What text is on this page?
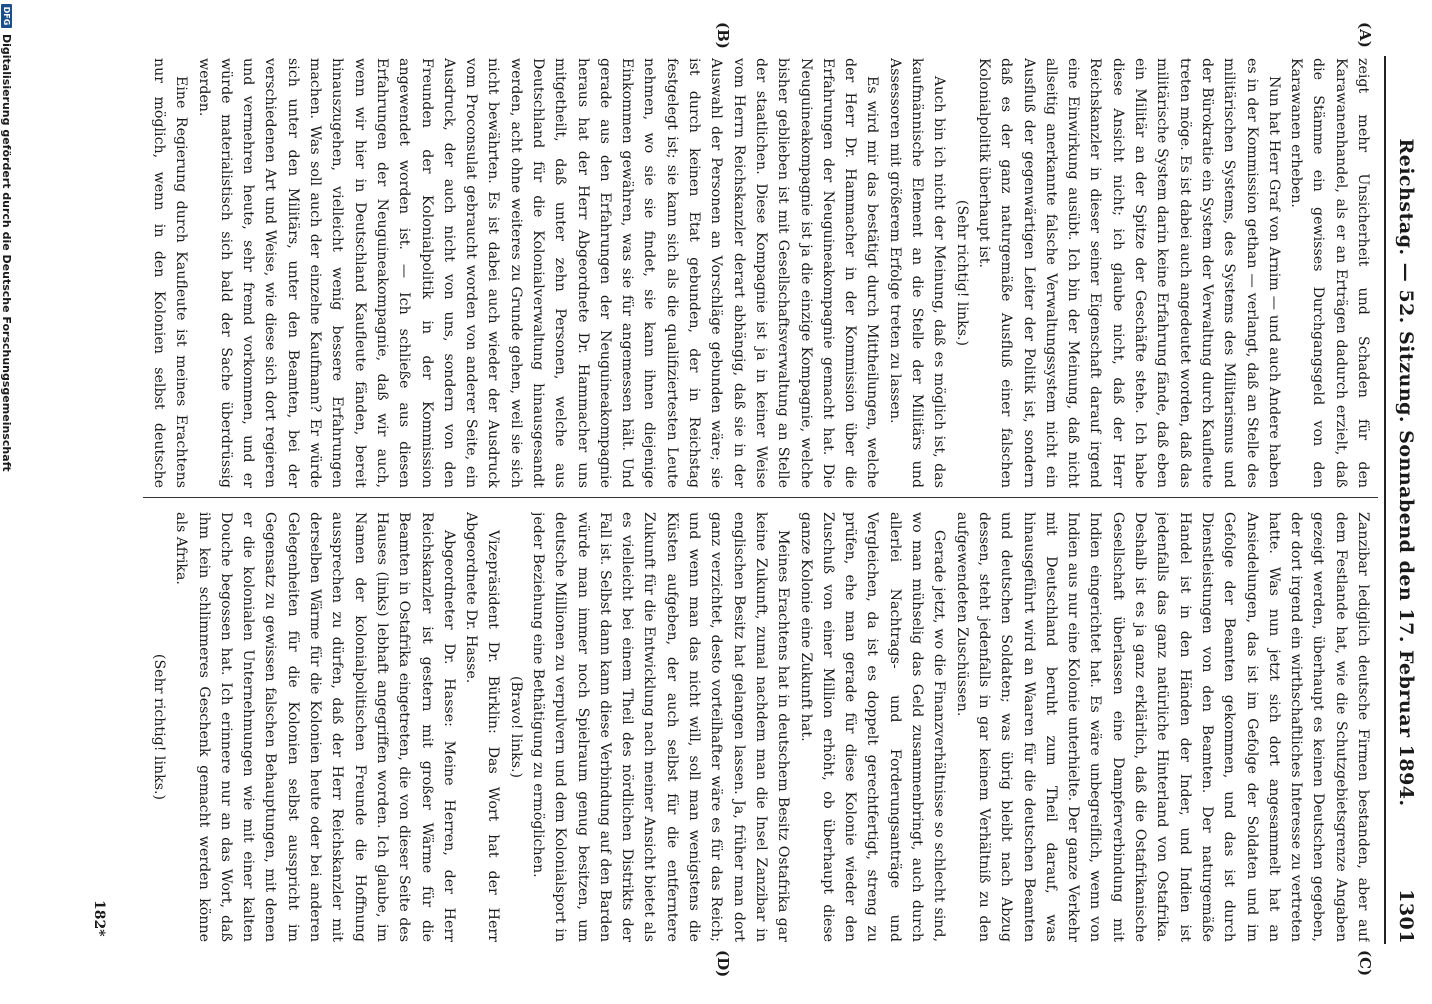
Reichstag. — 52. Sitzung. Sonnabend den 17. Februar 1894.
1301
(A)
(B)
(C)
(D)

zeigt mehr Unsicherheit und Schaden für den Karawanenhandel, als er an Erträgen dadurch erzielt, daß die Stämme ein gewisses Durchgangsgeld von den Karawanen erheben.

Nun hat Herr Graf von Arnim — und auch Andere haben es in der Kommission gethan — verlangt, daß an Stelle des militärischen Systems, des Systems des Militarismus und der Bürokratie ein System der Verwaltung durch Kaufleute treten möge. Es ist dabei auch angedeutet worden, daß das militärische System darin keine Erfahrung fände, daß eben ein Militär an der Spitze der Geschäfte stehe. Ich habe diese Ansicht nicht; ich glaube nicht, daß der Herr Reichskanzler in dieser seiner Eigenschaft darauf irgend eine Einwirkung ausübt. Ich bin der Meinung, daß nicht allseitig anerkannte falsche Verwaltungssystem nicht ein Ausfluß der gegenwärtigen Leiter der Politik ist, sondern daß es der ganz naturgemäße Ausfluß einer falschen Kolonialpolitik überhaupt ist.

(Sehr richtig! links.)

Auch bin ich nicht der Meinung, daß es möglich ist, das kaufmännische Element an die Stelle der Militärs und Assessoren mit größerem Erfolge treten zu lassen.

Es wird mir das bestätigt durch Mittheilungen, welche der Herr Dr. Hammacher in der Kommission über die Erfahrungen der Neuguineakompagnie gemacht hat. Die Neuguineakompagnie ist ja die einzige Kompagnie, welche bisher geblieben ist mit Gesellschaftsverwaltung an Stelle der staatlichen. Diese Kompagnie ist ja in keiner Weise vom Herrn Reichskanzler derart abhängig, daß sie in der Auswahl der Personen an Vorschläge gebunden wäre; sie ist durch keinen Etat gebunden, der in Reichstag festgelegt ist; sie kann sich als die qualifiziertesten Leute nehmen, wo sie sie findet, sie kann ihnen diejenige Einkommen gewähren, was sie für angemessen hält. Und gerade aus den Erfahrungen der Neuguineakompagnie heraus hat der Herr Abgeordnete Dr. Hammacher uns mitgetheilt, daß unter zehn Personen, welche aus Deutschland für die Kolonialverwaltung hinausgesandt werden, acht ohne weiteres zu Grunde gehen, weil sie sich nicht bewährten. Es ist dabei auch wieder der Ausdruck vom Proconsulat gebraucht worden von anderer Seite, ein Ausdruck, der auch nicht von uns, sondern von den Freunden der Kolonialpolitik in der Kommission angewendet worden ist. — Ich schließe aus diesen Erfahrungen der Neuguineakompagnie, daß wir auch, wenn wir hier in Deutschland Kaufleute fänden, bereit hinauszugehen, vielleicht wenig bessere Erfahrungen machen. Was soll auch der einzelne Kaufmann? Er würde sich unter den Militärs, unter den Beamten, bei der verschiedenen Art und Weise, wie diese sich dort regieren und vermehren heute, sehr fremd vorkommen, und er würde materialistisch sich bald der Sache überdrüssig werden.

Eine Regierung durch Kaufleute ist meines Erachtens nur möglich, wenn in den Kolonien selbst deutsche

Zanzibar lediglich deutsche Firmen bestanden, aber auf dem Festlande hat, wie die Schutzgebietsgrenze Angaben gezeigt werden, überhaupt es keinen Deutschen gegeben, der dort irgend ein wirthschaftliches Interesse zu vertreten hatte. Was nun jetzt sich dort angesammelt hat an Ansiedelungen, das ist im Gefolge der Soldaten und im Gefolge der Beamten gekommen, und das ist durch Dienstleistungen von den Beamten. Der naturgemäße Handel ist in den Händen der Inder, und Indien ist jedenfalls das ganz natürliche Hinterland von Ostafrika. Deshalb ist es ja ganz erklärlich, daß die Ostafrikanische Gesellschaft überlassen eine Dampferverbindung mit Indien eingerichtet hat. Es wäre unbegreiflich, wenn von Indien aus nur eine Kolonie unterhielte. Der ganze Verkehr mit Deutschland beruht zum Theil darauf, was hinausgeführt wird an Waaren für die deutschen Beamten und deutschen Soldaten; was übrig bleibt nach Abzug dessen, steht jedenfalls in gar keinem Verhältniß zu den aufgewendeten Zuschüssen.

Gerade jetzt, wo die Finanzverhältnisse so schlecht sind, wo man mühselig das Geld zusammenbringt, auch durch allerlei Nachtrags- und Forderungsanträge und Vergleichen, da ist es doppelt gerechtfertigt, streng zu prüfen, ehe man gerade für diese Kolonie wieder den Zuschuß von einer Million erhöht, ob überhaupt diese ganze Kolonie eine Zukunft hat.

Meines Erachtens hat in deutschem Besitz Ostafrika gar keine Zukunft, zumal nachdem man die Insel Zanzibar in englischen Besitz hat gelangen lassen. Ja, früher man dort ganz verzichtet, desto vorteilhafter wäre es für das Reich; und wenn man das nicht will, soll man wenigstens die Küsten aufgeben, der auch selbst für die entferntere Zukunft für die Entwicklung nach meiner Ansicht bietet als es vielleicht bei einem Theil des nördlichen Distrikts der Fall ist. Selbst dann kann diese Verbindung auf den Barden würde man immer noch Spielraum genug besitzen, um deutsche Millionen zu verpulvern und dem Kolonialsport in jeder Beziehung eine Bethätigung zu ermöglichen.

(Bravo! links.)

Vizepräsident Dr. Bürklin: Das Wort hat der Herr Abgeordnete Dr. Hasse.

Abgeordneter Dr. Hasse: Meine Herren, der Herr Reichskanzler ist gestern mit großer Wärme für die Beamten in Ostafrika eingetreten, die von dieser Seite des Hauses (links) lebhaft angegriffen worden. Ich glaube, im Namen der kolonialpolitischen Freunde die Hoffnung aussprechen zu dürfen, daß der Herr Reichskanzler mit derselben Wärme für die Kolonien heute oder bei anderen Gelegenheiten für die Kolonien selbst ausspricht im Gegensatz zu gewissen falschen Behauptungen, mit denen er die kolonialen Unternehmungen wie mit einer kalten Douche begossen hat. Ich erinnere nur an das Wort, daß ihm kein schlimmeres Geschenk gemacht werden könne als Afrika.

(Sehr richtig! links.)

182*
DFG
Digitalisierung gefördert durch die Deutsche Forschungsgemeinschaft
